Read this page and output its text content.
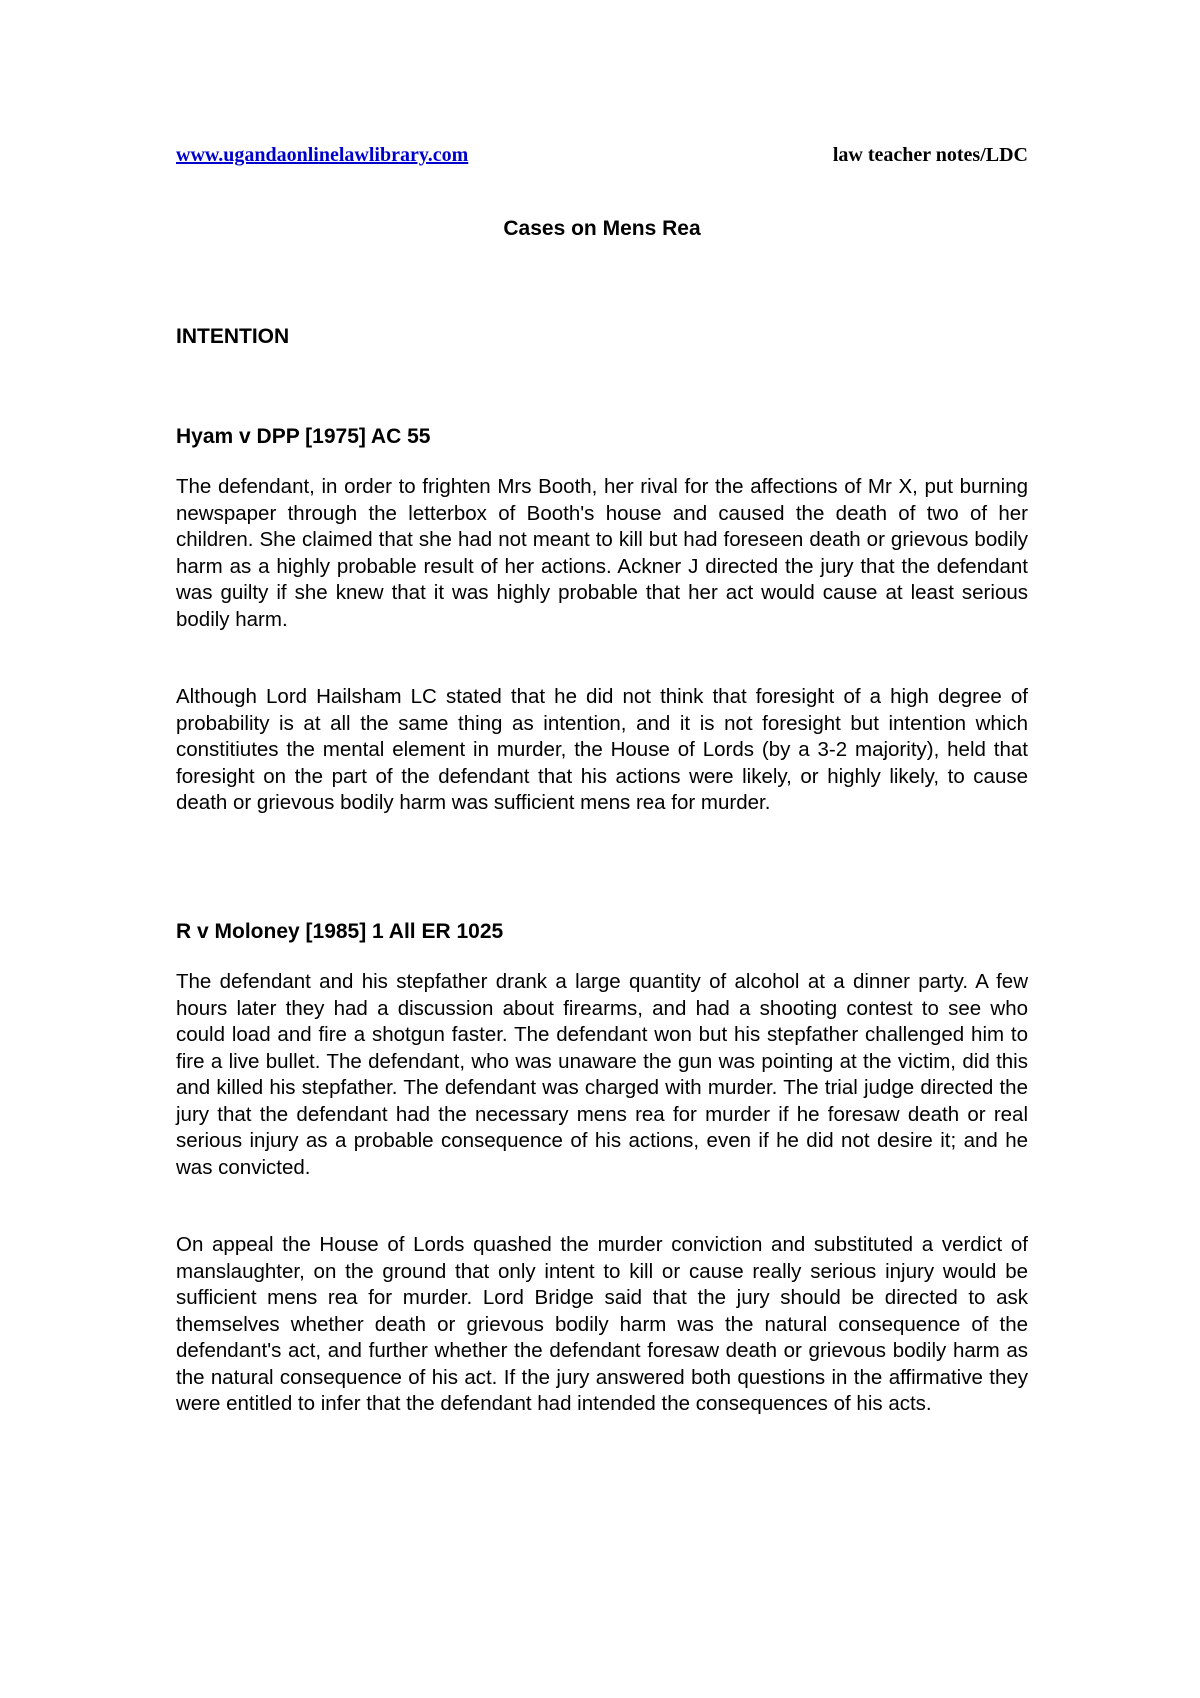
www.ugandaonlinelawlibrary.com	law teacher notes/LDC
Cases on Mens Rea
INTENTION
Hyam v DPP [1975] AC 55

The defendant, in order to frighten Mrs Booth, her rival for the affections of Mr X, put burning newspaper through the letterbox of Booth's house and caused the death of two of her children. She claimed that she had not meant to kill but had foreseen death or grievous bodily harm as a highly probable result of her actions. Ackner J directed the jury that the defendant was guilty if she knew that it was highly probable that her act would cause at least serious bodily harm.

Although Lord Hailsham LC stated that he did not think that foresight of a high degree of probability is at all the same thing as intention, and it is not foresight but intention which constitiutes the mental element in murder, the House of Lords (by a 3-2 majority), held that foresight on the part of the defendant that his actions were likely, or highly likely, to cause death or grievous bodily harm was sufficient mens rea for murder.

R v Moloney [1985] 1 All ER 1025

The defendant and his stepfather drank a large quantity of alcohol at a dinner party. A few hours later they had a discussion about firearms, and had a shooting contest to see who could load and fire a shotgun faster. The defendant won but his stepfather challenged him to fire a live bullet. The defendant, who was unaware the gun was pointing at the victim, did this and killed his stepfather. The defendant was charged with murder. The trial judge directed the jury that the defendant had the necessary mens rea for murder if he foresaw death or real serious injury as a probable consequence of his actions, even if he did not desire it; and he was convicted.

On appeal the House of Lords quashed the murder conviction and substituted a verdict of manslaughter, on the ground that only intent to kill or cause really serious injury would be sufficient mens rea for murder. Lord Bridge said that the jury should be directed to ask themselves whether death or grievous bodily harm was the natural consequence of the defendant's act, and further whether the defendant foresaw death or grievous bodily harm as the natural consequence of his act. If the jury answered both questions in the affirmative they were entitled to infer that the defendant had intended the consequences of his acts.
